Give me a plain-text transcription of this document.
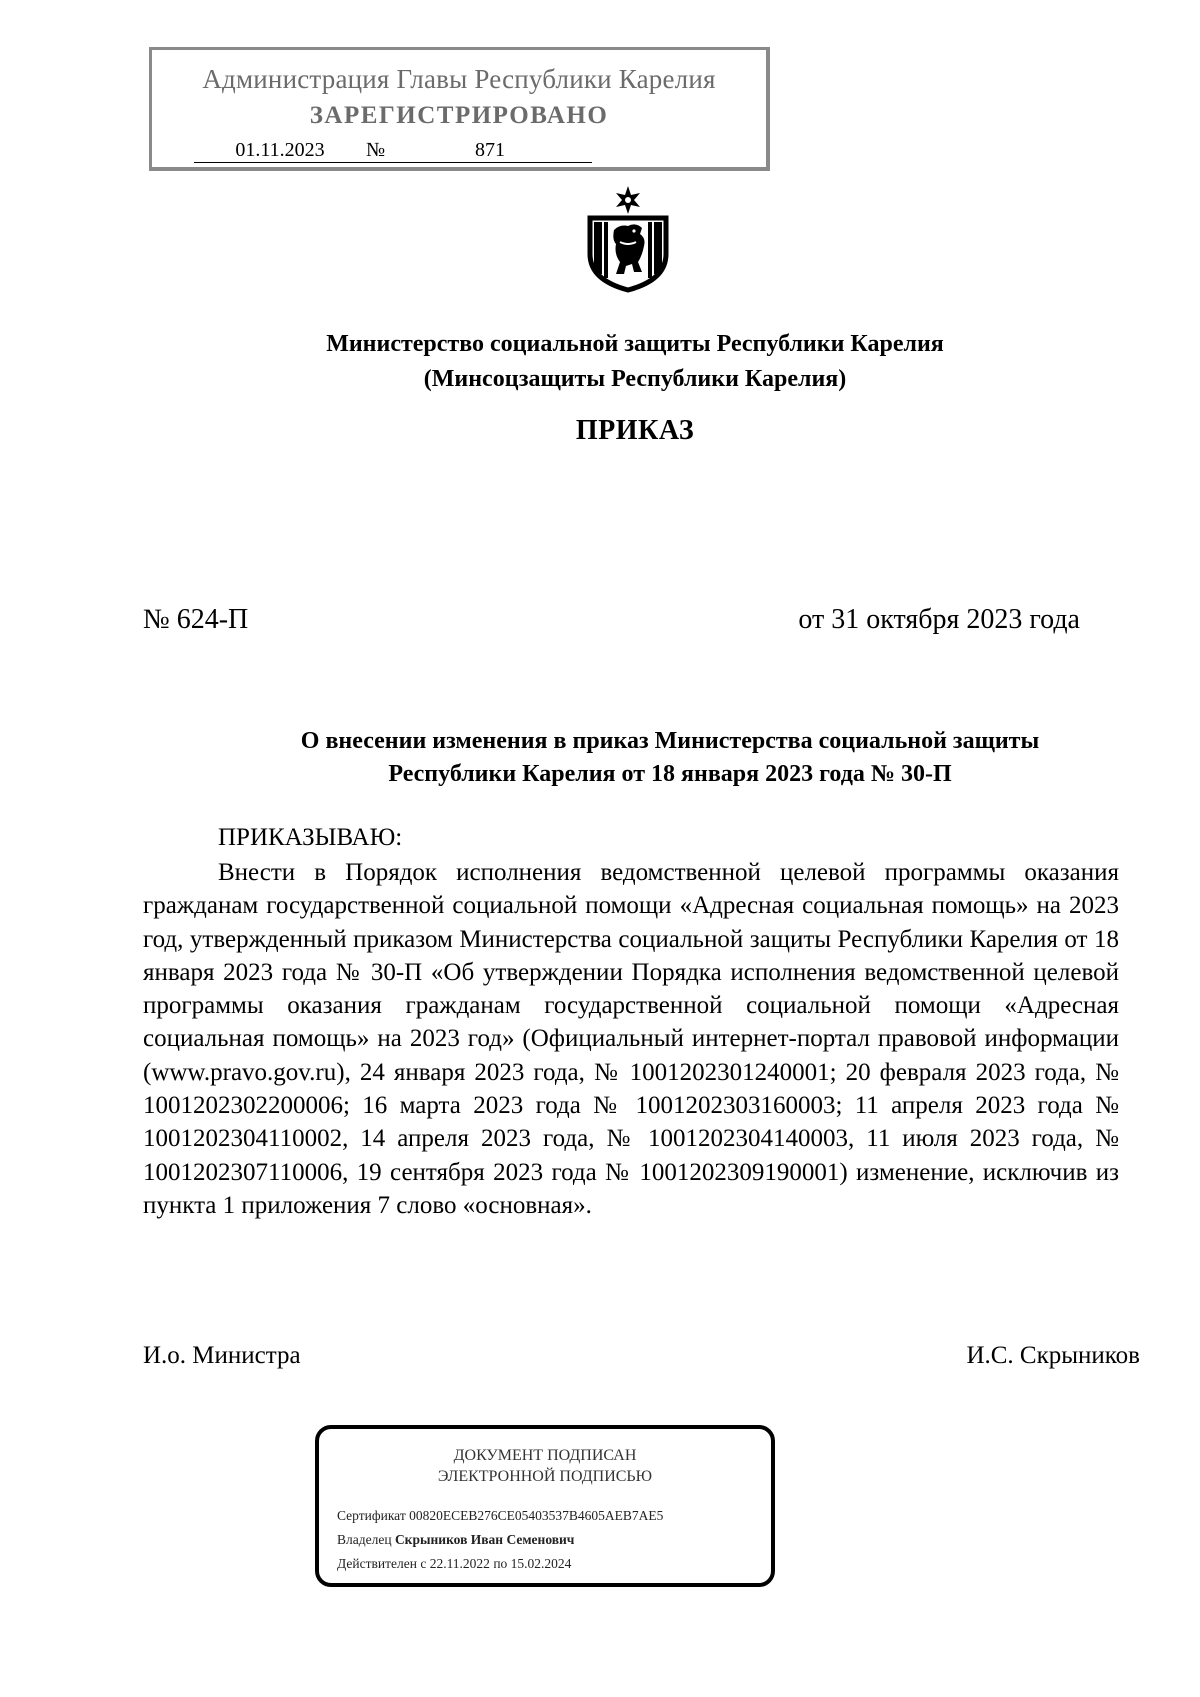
Администрация Главы Республики Карелия
ЗАРЕГИСТРИРОВАНО
01.11.2023 №	871
Министерство социальной защиты Республики Карелия
(Минсоцзащиты Республики Карелия)
ПРИКАЗ
№ 624-П	от 31 октября 2023 года
О внесении изменения в приказ Министерства социальной защиты
Республики Карелия от 18 января 2023 года № 30-П
ПРИКАЗЫВАЮ:

Внести в Порядок исполнения ведомственной целевой программы оказания гражданам государственной социальной помощи «Адресная социальная помощь» на 2023 год, утвержденный приказом Министерства социальной защиты Республики Карелия от 18 января 2023 года № 30-П «Об утверждении Порядка исполнения ведомственной целевой программы оказания гражданам государственной социальной помощи «Адресная социальная помощь» на 2023 год» (Официальный интернет-портал правовой информации (www.pravo.gov.ru), 24 января 2023 года, № 1001202301240001; 20 февраля 2023 года, № 1001202302200006; 16 марта 2023 года № 1001202303160003; 11 апреля 2023 года № 1001202304110002, 14 апреля 2023 года, № 1001202304140003, 11 июля 2023 года, № 1001202307110006, 19 сентября 2023 года № 1001202309190001) изменение, исключив из пункта 1 приложения 7 слово «основная».

И.о. Министра	И.С. Скрыников
ДОКУМЕНТ ПОДПИСАН
ЭЛЕКТРОННОЙ ПОДПИСЬЮ
Сертификат 00820ECEB276CE05403537B4605AEB7AE5
Владелец Скрыников Иван Семенович
Действителен с 22.11.2022 по 15.02.2024
